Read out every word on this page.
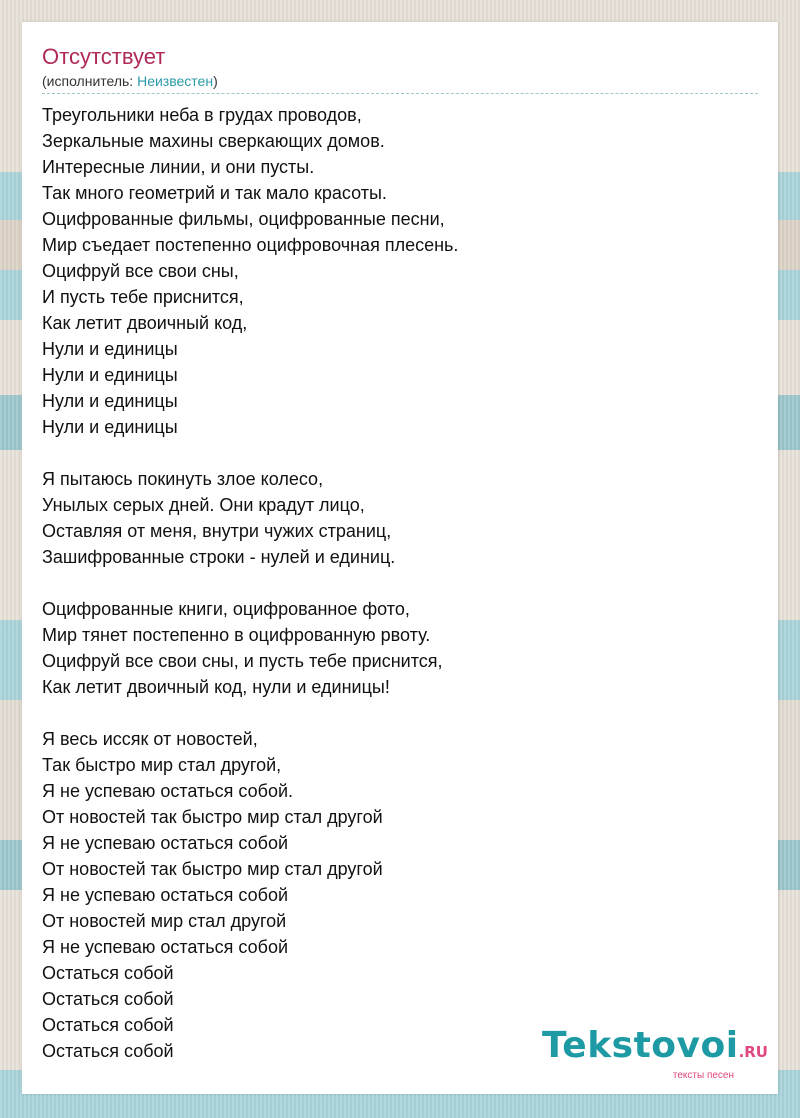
Отсутствует
(исполнитель: Неизвестен)
Треугольники неба в грудах проводов,
Зеркальные махины сверкающих домов.
Интересные линии, и они пусты.
Так много геометрий и так мало красоты.
Оцифрованные фильмы, оцифрованные песни,
Мир съедает постепенно оцифровочная плесень.
Оцифруй все свои сны,
И пусть тебе приснится,
Как летит двоичный код,
Нули и единицы
Нули и единицы
Нули и единицы
Нули и единицы
Я пытаюсь покинуть злое колесо,
Унылых серых дней. Они крадут лицо,
Оставляя от меня, внутри чужих страниц,
Зашифрованные строки - нулей и единиц.
Оцифрованные книги, оцифрованное фото,
Мир тянет постепенно в оцифрованную рвоту.
Оцифруй все свои сны, и пусть тебе приснится,
Как летит двоичный код, нули и единицы!
Я весь иссяк от новостей,
Так быстро мир стал другой,
Я не успеваю остаться собой.
От новостей так быстро мир стал другой
Я не успеваю остаться собой
От новостей так быстро мир стал другой
Я не успеваю остаться собой
От новостей мир стал другой
Я не успеваю остаться собой
Остаться собой
Остаться собой
Остаться собой
Остаться собой	Tekstovoi.RU
тексты песен
